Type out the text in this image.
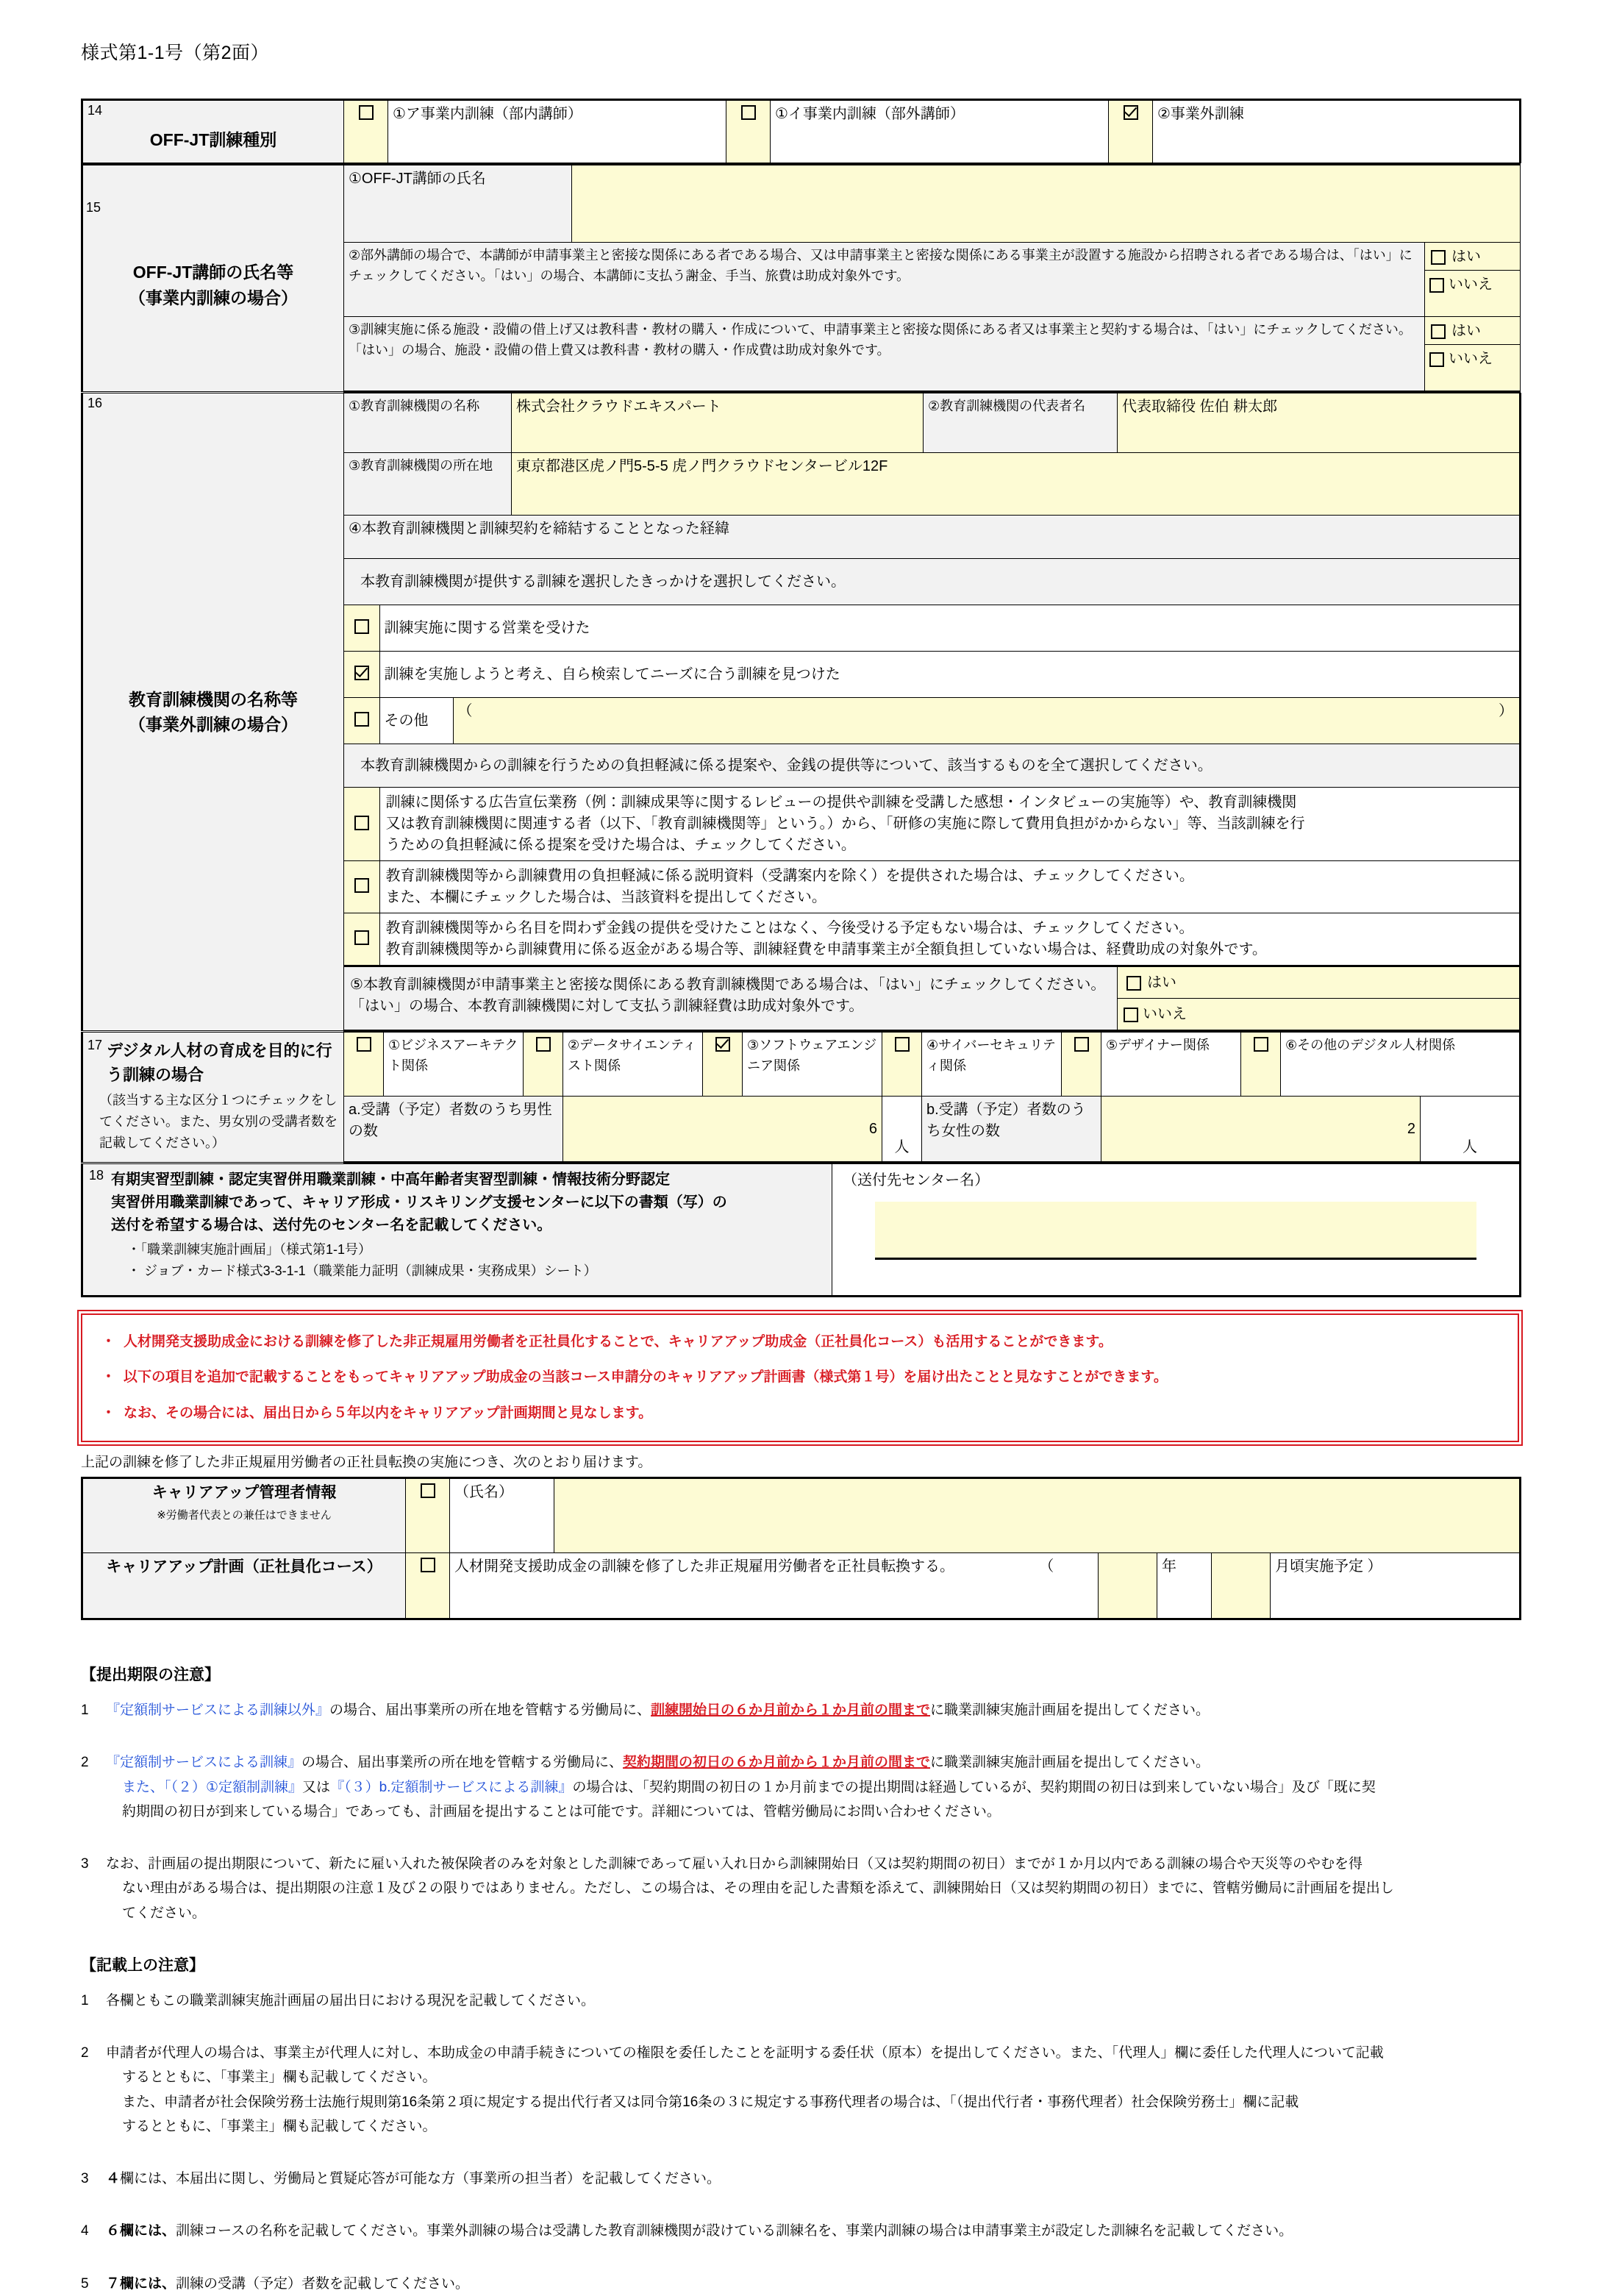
様式第1-1号（第2面）
14
OFF-JT訓練種別
		①ア事業内訓練（部内講師）		①イ事業内訓練（部外講師）		②事業外訓練
15
OFF-JT講師の氏名等
（事業内訓練の場合）	①OFF-JT講師の氏名		
	②部外講師の場合で、本講師が申請事業主と密接な関係にある者である場合、又は申請事業主と密接な関係にある事業主が設置する施設から招聘される者である場合は、「はい」にチェックしてください。「はい」の場合、本講師に支払う謝金、手当、旅費は助成対象外です。		はい
いいえ

	③訓練実施に係る施設・設備の借上げ又は教科書・教材の購入・作成について、申請事業主と密接な関係にある者又は事業主と契約する場合は、「はい」にチェックしてください。「はい」の場合、施設・設備の借上費又は教科書・教材の購入・作成費は助成対象外です。		はい
いいえ
16
教育訓練機関の名称等
（事業外訓練の場合）
	①教育訓練機関の名称	株式会社クラウドエキスパート	②教育訓練機関の代表者名	代表取締役 佐伯 耕太郎
③教育訓練機関の所在地	東京都港区虎ノ門5-5-5 虎ノ門クラウドセンタービル12F
④本教育訓練機関と訓練契約を締結することとなった経緯

本教育訓練機関が提供する訓練を選択したきっかけを選択してください。
	訓練実施に関する営業を受けた
	訓練を実施しようと考え、自ら検索してニーズに合う訓練を見つけた
	その他	
（	）

本教育訓練機関からの訓練を行うための負担軽減に係る提案や、金銭の提供等について、該当するものを全て選択してください。

訓練に関係する広告宣伝業務（例：訓練成果等に関するレビューの提供や訓練を受講した感想・インタビューの実施等）や、教育訓練機関
又は教育訓練機関に関連する者（以下、「教育訓練機関等」という。）から、「研修の実施に際して費用負担がかからない」等、当該訓練を行
うための負担軽減に係る提案を受けた場合は、チェックしてください。

教育訓練機関等から訓練費用の負担軽減に係る説明資料（受講案内を除く）を提供された場合は、チェックしてください。
また、本欄にチェックした場合は、当該資料を提出してください。

教育訓練機関等から名目を問わず金銭の提供を受けたことはなく、今後受ける予定もない場合は、チェックしてください。
教育訓練機関等から訓練費用に係る返金がある場合等、訓練経費を申請事業主が全額負担していない場合は、経費助成の対象外です。

⑤本教育訓練機関が申請事業主と密接な関係にある教育訓練機関である場合は、「はい」にチェックしてください。
「はい」の場合、本教育訓練機関に対して支払う訓練経費は助成対象外です。

はい
いいえ
17 デジタル人材の育成を目的に行
う訓練の場合
（該当する主な区分１つにチェックをし
てください。また、男女別の受講者数を
記載してください。）
		①ビジネスアーキテクト関係		②データサイエンティスト関係		③ソフトウェアエンジニア関係		④サイバーセキュリティ関係		⑤デザイナー関係		⑥その他のデジタル人材関係
	a.受講（予定）者数のうち男性の数			6			人	b.受講（予定）者数のうち女性の数		2			人
18 有期実習型訓練・認定実習併用職業訓練・中高年齢者実習型訓練・情報技術分野認定
実習併用職業訓練であって、キャリア形成・リスキリング支援センターに以下の書類（写）の
送付を希望する場合は、送付先のセンター名を記載してください。
・「職業訓練実施計画届」（様式第1-1号）
・ ジョブ・カード様式3-3-1-1（職業能力証明（訓練成果・実務成果）シート）

（送付先センター名）
・ 人材開発支援助成金における訓練を修了した非正規雇用労働者を正社員化することで、キャリアアップ助成金（正社員化コース）も活用することができます。
・ 以下の項目を追加で記載することをもってキャリアアップ助成金の当該コース申請分のキャリアアップ計画書（様式第１号）を届け出たことと見なすことができます。
・ なお、その場合には、届出日から５年以内をキャリアアップ計画期間と見なします。
上記の訓練を修了した非正規雇用労働者の正社員転換の実施につき、次のとおり届けます。
キャリアアップ管理者情報
※労働者代表との兼任はできません		（氏名）					

キャリアアップ計画（正社員化コース）		人材開発支援助成金の訓練を修了した非正規雇用労働者を正社員転換する。 （			年		月頃実施予定 ）
【提出期限の注意】
1	『定額制サービスによる訓練以外』の場合、届出事業所の所在地を管轄する労働局に、訓練開始日の６か月前から１か月前の間までに職業訓練実施計画届を提出してください。
2	『定額制サービスによる訓練』の場合、届出事業所の所在地を管轄する労働局に、契約期間の初日の６か月前から１か月前の間までに職業訓練実施計画届を提出してください。
また、「（２）①定額制訓練』又は『（３）b.定額制サービスによる訓練』の場合は、「契約期間の初日の１か月前までの提出期間は経過しているが、契約期間の初日は到来していない場合」及び「既に契
約期間の初日が到来している場合」であっても、計画届を提出することは可能です。詳細については、管轄労働局にお問い合わせください。
3	なお、計画届の提出期限について、新たに雇い入れた被保険者のみを対象とした訓練であって雇い入れ日から訓練開始日（又は契約期間の初日）までが１か月以内である訓練の場合や天災等のやむを得
ない理由がある場合は、提出期限の注意１及び２の限りではありません。ただし、この場合は、その理由を記した書類を添えて、訓練開始日（又は契約期間の初日）までに、管轄労働局に計画届を提出し
てください。
【記載上の注意】
1	各欄ともこの職業訓練実施計画届の届出日における現況を記載してください。
2	申請者が代理人の場合は、事業主が代理人に対し、本助成金の申請手続きについての権限を委任したことを証明する委任状（原本）を提出してください。また、「代理人」欄に委任した代理人について記載
するとともに、「事業主」欄も記載してください。
また、申請者が社会保険労務士法施行規則第16条第２項に規定する提出代行者又は同令第16条の３に規定する事務代理者の場合は、「（提出代行者・事務代理者）社会保険労務士」欄に記載
するとともに、「事業主」欄も記載してください。
3	４欄には、本届出に関し、労働局と質疑応答が可能な方（事業所の担当者）を記載してください。
4	６欄には、訓練コースの名称を記載してください。事業外訓練の場合は受講した教育訓練機関が設けている訓練名を、事業内訓練の場合は申請事業主が設定した訓練名を記載してください。
5	７欄には、訓練の受講（予定）者数を記載してください。
